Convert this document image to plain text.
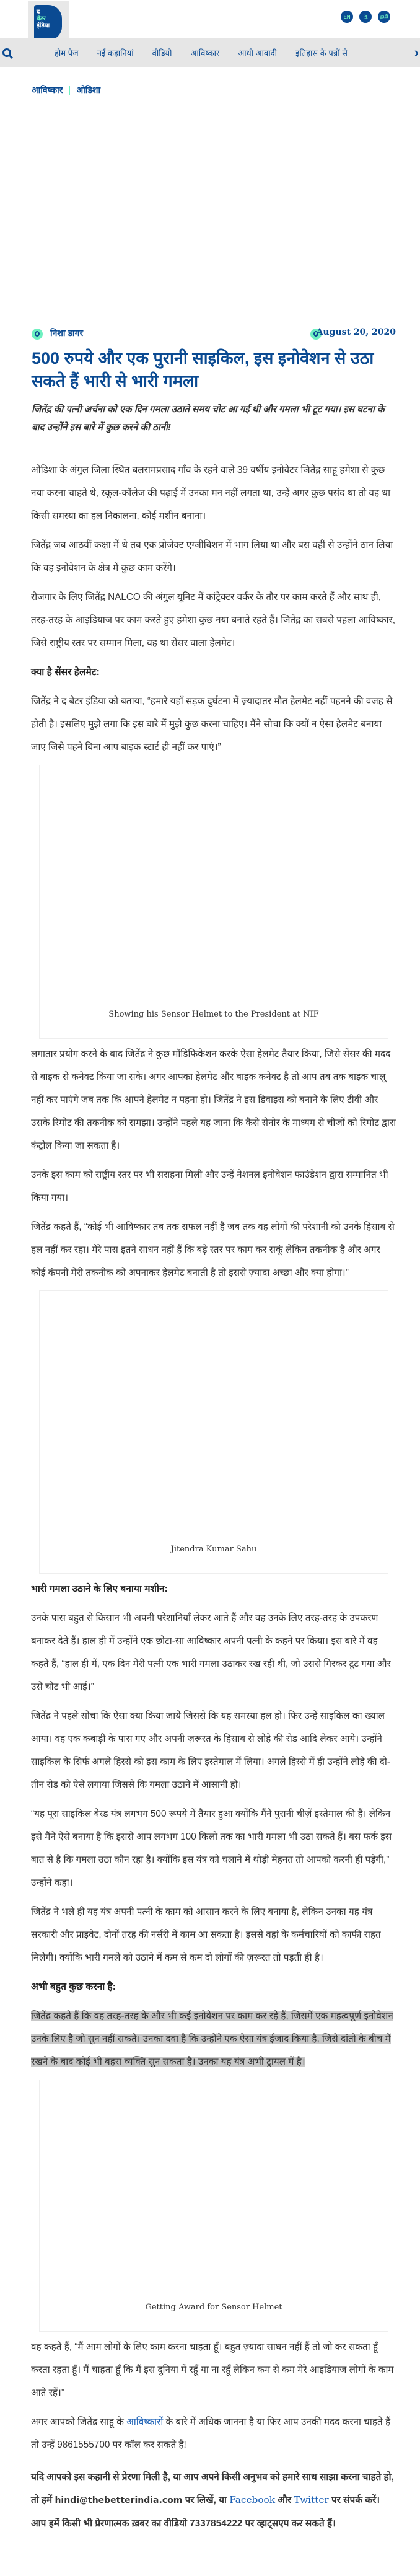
द
बेटर
इंडिया
EN	ગુ	தமி
होम पेज नई कहानियां वीडियो आविष्कार आधी आबादी इतिहास के पन्नों से	›
आविष्कार ओडिशा
निशा डागर	August 20, 2020
500 रुपये और एक पुरानी साइकिल, इस इनोवेशन से उठा सकते हैं भारी से भारी गमला

जितेंद्र की पत्नी अर्चना को एक दिन गमला उठाते समय चोट आ गई थी और गमला भी टूट गया। इस घटना के बाद उन्होंने इस बारे में कुछ करने की ठानी!

ओडिशा के अंगुल जिला स्थित बलरामप्रसाद गाँव के रहने वाले 39 वर्षीय इनोवेटर जितेंद्र साहू हमेशा से कुछ नया करना चाहते थे, स्कूल-कॉलेज की पढ़ाई में उनका मन नहीं लगता था, उन्हें अगर कुछ पसंद था तो वह था किसी समस्या का हल निकालना, कोई मशीन बनाना।

जितेंद्र जब आठवीं कक्षा में थे तब एक प्रोजेक्ट एग्जीबिशन में भाग लिया था और बस वहीं से उन्होंने ठान लिया कि वह इनोवेशन के क्षेत्र में कुछ काम करेंगे।

रोजगार के लिए जितेंद्र NALCO की अंगुल यूनिट में कांट्रेक्टर वर्कर के तौर पर काम करते हैं और साथ ही, तरह-तरह के आइडियाज पर काम करते हुए हमेशा कुछ नया बनाते रहते हैं। जितेंद्र का सबसे पहला आविष्कार, जिसे राष्ट्रीय स्तर पर सम्मान मिला, वह था सेंसर वाला हेलमेट।

क्या है सेंसर हेलमेट:

जितेंद्र ने द बेटर इंडिया को बताया, “हमारे यहाँ सड़क दुर्घटना में ज़्यादातर मौत हेलमेट नहीं पहनने की वजह से होती है। इसलिए मुझे लगा कि इस बारे में मुझे कुछ करना चाहिए। मैंने सोचा कि क्यों न ऐसा हेलमेट बनाया जाए जिसे पहने बिना आप बाइक स्टार्ट ही नहीं कर पाएं।”

Showing his Sensor Helmet to the President at NIF

लगातार प्रयोग करने के बाद जितेंद्र ने कुछ मॉडिफिकेशन करके ऐसा हेलमेट तैयार किया, जिसे सेंसर की मदद से बाइक से कनेक्ट किया जा सके। अगर आपका हेलमेट और बाइक कनेक्ट है तो आप तब तक बाइक चालू नहीं कर पाएंगे जब तक कि आपने हेलमेट न पहना हो। जितेंद्र ने इस डिवाइस को बनाने के लिए टीवी और उसके रिमोट की तकनीक को समझा। उन्होंने पहले यह जाना कि कैसे सेनोर के माध्यम से चीजों को रिमोट द्वारा कंट्रोल किया जा सकता है।

उनके इस काम को राष्ट्रीय स्तर पर भी सराहना मिली और उन्हें नेशनल इनोवेशन फाउंडेशन द्वारा सम्मानित भी किया गया।

जितेंद्र कहते हैं, “कोई भी आविष्कार तब तक सफल नहीं है जब तक वह लोगों की परेशानी को उनके हिसाब से हल नहीं कर रहा। मेरे पास इतने साधन नहीं हैं कि बड़े स्तर पर काम कर सकूं लेकिन तकनीक है और अगर कोई कंपनी मेरी तकनीक को अपनाकर हेलमेट बनाती है तो इससे ज़्यादा अच्छा और क्या होगा।”

Jitendra Kumar Sahu
भारी गमला उठाने के लिए बनाया मशीन:

उनके पास बहुत से किसान भी अपनी परेशानियाँ लेकर आते हैं और वह उनके लिए तरह-तरह के उपकरण बनाकर देते हैं। हाल ही में उन्होंने एक छोटा-सा आविष्कार अपनी पत्नी के कहने पर किया। इस बारे में वह कहते हैं, “हाल ही में, एक दिन मेरी पत्नी एक भारी गमला उठाकर रख रही थी, जो उससे गिरकर टूट गया और उसे चोट भी आई।”

जितेंद्र ने पहले सोचा कि ऐसा क्या किया जाये जिससे कि यह समस्या हल हो। फिर उन्हें साइकिल का ख्याल आया। वह एक कबाड़ी के पास गए और अपनी ज़रूरत के हिसाब से लोहे की रोड आदि लेकर आये। उन्होंने साइकिल के सिर्फ अगले हिस्से को इस काम के लिए इस्तेमाल में लिया। अगले हिस्से में ही उन्होंने लोहे की दो-तीन रोड को ऐसे लगाया जिससे कि गमला उठाने में आसानी हो।

“यह पूरा साइकिल बेस्ड यंत्र लगभग 500 रूपये में तैयार हुआ क्योंकि मैंने पुरानी चीज़ें इस्तेमाल की हैं। लेकिन इसे मैंने ऐसे बनाया है कि इससे आप लगभग 100 किलो तक का भारी गमला भी उठा सकते हैं। बस फर्क इस बात से है कि गमला उठा कौन रहा है। क्योंकि इस यंत्र को चलाने में थोड़ी मेहनत तो आपको करनी ही पड़ेगी,” उन्होंने कहा।

जितेंद्र ने भले ही यह यंत्र अपनी पत्नी के काम को आसान करने के लिए बनाया है, लेकिन उनका यह यंत्र सरकारी और प्राइवेट, दोनों तरह की नर्सरी में काम आ सकता है। इससे वहां के कर्मचारियों को काफी राहत मिलेगी। क्योंकि भारी गमले को उठाने में कम से कम दो लोगों की ज़रूरत तो पड़ती ही है।

अभी बहुत कुछ करना है:

जितेंद्र कहते हैं कि वह तरह-तरह के और भी कई इनोवेशन पर काम कर रहे हैं, जिसमें एक महत्वपूर्ण इनोवेशन उनके लिए है जो सुन नहीं सकते। उनका दवा है कि उन्होंने एक ऐसा यंत्र ईजाद किया है, जिसे दांतो के बीच में रखने के बाद कोई भी बहरा व्यक्ति सुन सकता है। उनका यह यंत्र अभी ट्रायल में है।

Getting Award for Sensor Helmet

वह कहते हैं, “मैं आम लोगों के लिए काम करना चाहता हूँ। बहुत ज़्यादा साधन नहीं हैं तो जो कर सकता हूँ करता रहता हूँ। मैं चाहता हूँ कि मैं इस दुनिया में रहूँ या ना रहूँ लेकिन कम से कम मेरे आइडियाज लोगों के काम आते रहें।”

अगर आपको जितेंद्र साहू के आविष्कारों के बारे में अधिक जानना है या फिर आप उनकी मदद करना चाहते हैं तो उन्हें 9861555700 पर कॉल कर सकते हैं!

यदि आपको इस कहानी से प्रेरणा मिली है, या आप अपने किसी अनुभव को हमारे साथ साझा करना चाहते हो, तो हमें hindi@thebetterindia.com पर लिखें, या Facebook और Twitter पर संपर्क करें। आप हमें किसी भी प्रेरणात्मक ख़बर का वीडियो 7337854222 पर व्हाट्सएप कर सकते हैं।
